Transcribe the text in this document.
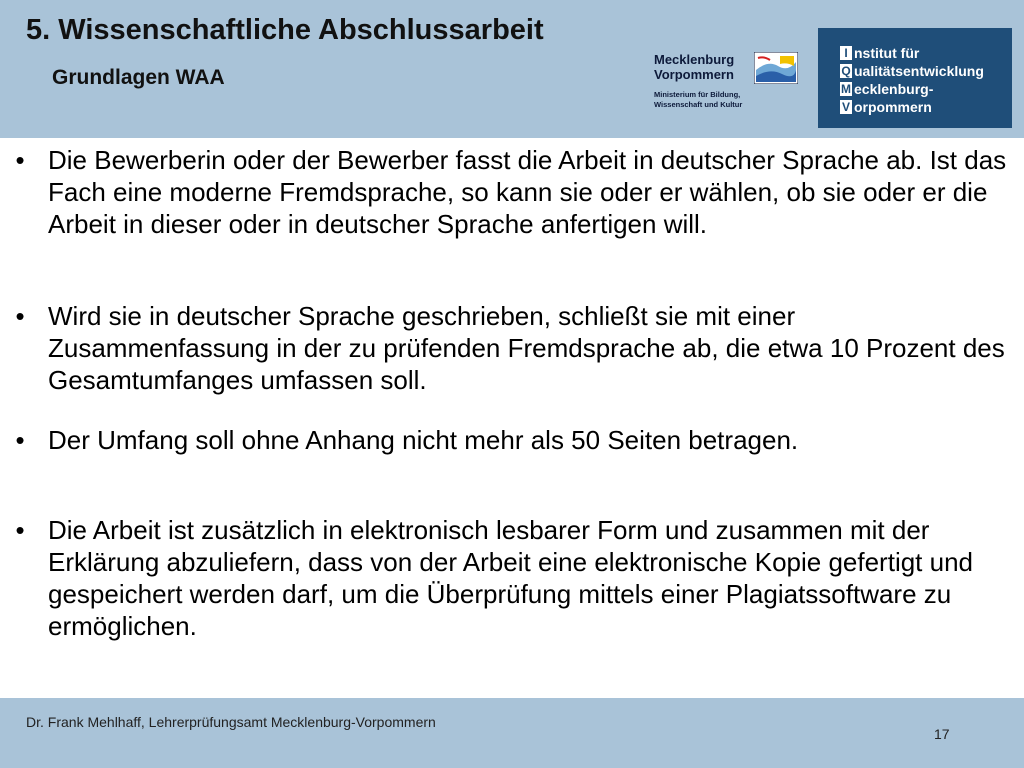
5. Wissenschaftliche Abschlussarbeit
Grundlagen WAA
Mecklenburg
Vorpommern
Ministerium für Bildung,
Wissenschaft und Kultur
I nstitut für
Q ualitätsentwicklung
M ecklenburg-
V orpommern
• Die Bewerberin oder der Bewerber fasst die Arbeit in deutscher Sprache ab. Ist das Fach eine moderne Fremdsprache, so kann sie oder er wählen, ob sie oder er die Arbeit in dieser oder in deutscher Sprache anfertigen will.
• Wird sie in deutscher Sprache geschrieben, schließt sie mit einer Zusammenfassung in der zu prüfenden Fremdsprache ab, die etwa 10 Prozent des Gesamtumfanges umfassen soll.
• Der Umfang soll ohne Anhang nicht mehr als 50 Seiten betragen.
• Die Arbeit ist zusätzlich in elektronisch lesbarer Form und zusammen mit der Erklärung abzuliefern, dass von der Arbeit eine elektronische Kopie gefertigt und gespeichert werden darf, um die Überprüfung mittels einer Plagiatssoftware zu ermöglichen.
Dr. Frank Mehlhaff, Lehrerprüfungsamt Mecklenburg-Vorpommern
17
